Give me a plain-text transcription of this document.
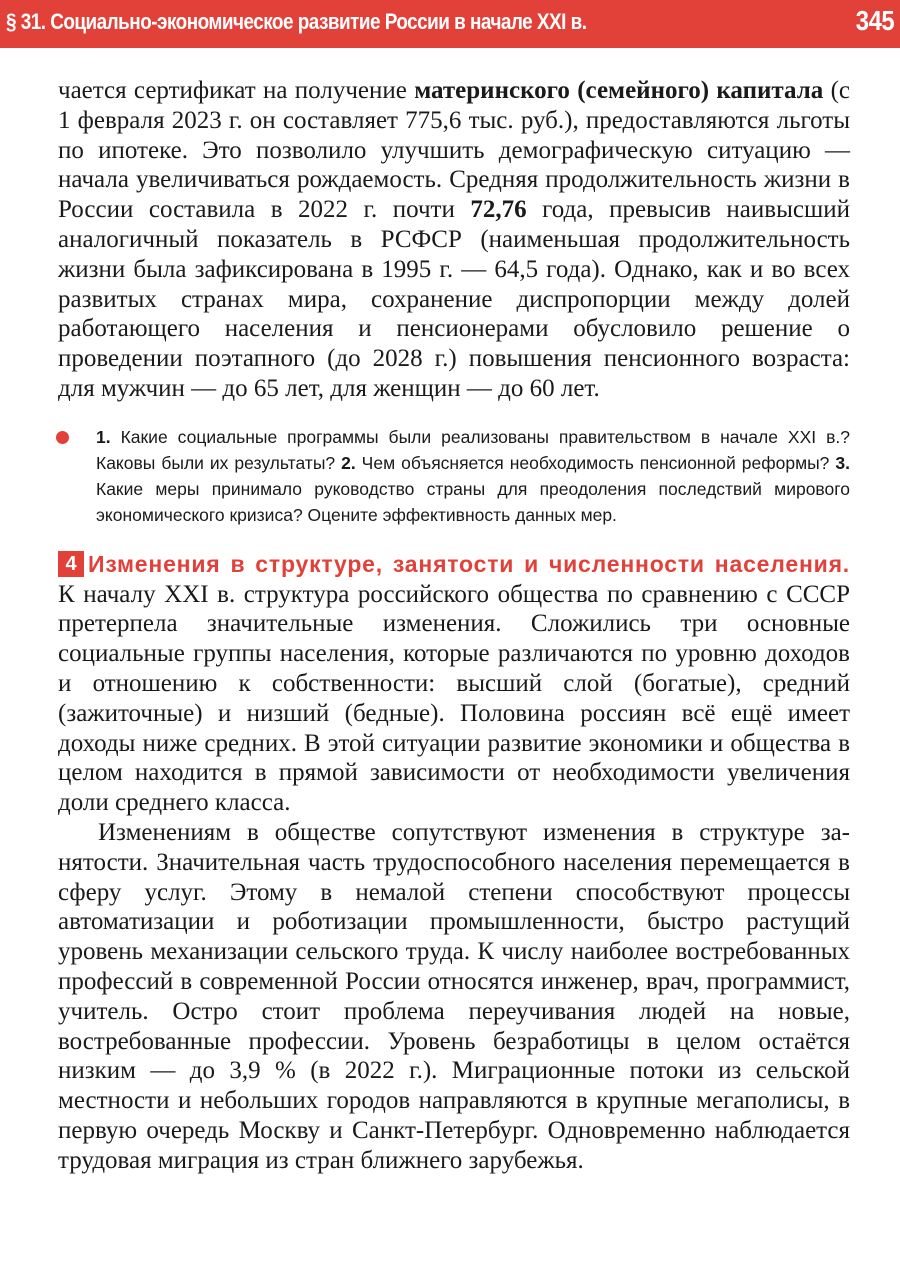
§ 31. Социально-экономическое развитие России в начале XXI в.	345

чается сертификат на получение материнского (семейного) капитала (с 1 февраля 2023 г. он составляет 775,6 тыс. руб.), предоставляются льготы по ипотеке. Это позволило улучшить демографическую ситуацию — начала увеличиваться рождаемость. Средняя продолжительность жизни в России составила в 2022 г. почти 72,76 года, превысив наивысший аналогичный показатель в РСФСР (наименьшая продолжительность жизни была зафиксирована в 1995 г. — 64,5 года). Однако, как и во всех развитых странах мира, сохранение диспропорции между долей работающего населения и пенсионерами обусловило решение о проведении поэтапного (до 2028 г.) повышения пенсионного возраста: для мужчин — до 65 лет, для женщин — до 60 лет.

1. Какие социальные программы были реализованы правительством в начале XXI в.? Каковы были их результаты? 2. Чем объясняется необходимость пенсионной реформы? 3. Какие меры принимало руководство страны для преодоления последствий мирового экономического кризиса? Оцените эффективность данных мер.

4 Изменения в структуре, занятости и численности населения. К началу XXI в. структура российского общества по сравнению с СССР претерпела значительные изменения. Сложились три основные социальные группы населения, которые различаются по уровню доходов и отношению к собственности: высший слой (богатые), средний (зажиточные) и низший (бедные). Половина россиян всё ещё имеет доходы ниже средних. В этой ситуации развитие экономики и общества в целом находится в прямой зависимости от необходимости увеличения доли среднего класса.

Изменениям в обществе сопутствуют изменения в структуре занятости. Значительная часть трудоспособного населения перемещается в сферу услуг. Этому в немалой степени способствуют процессы автоматизации и роботизации промышленности, быстро растущий уровень механизации сельского труда. К числу наиболее востребованных профессий в современной России относятся инженер, врач, программист, учитель. Остро стоит проблема переучивания людей на новые, востребованные профессии. Уровень безработицы в целом остаётся низким — до 3,9 % (в 2022 г.). Миграционные потоки из сельской местности и небольших городов направляются в крупные мегаполисы, в первую очередь Москву и Санкт-Петербург. Одновременно наблюдается трудовая миграция из стран ближнего зарубежья.
